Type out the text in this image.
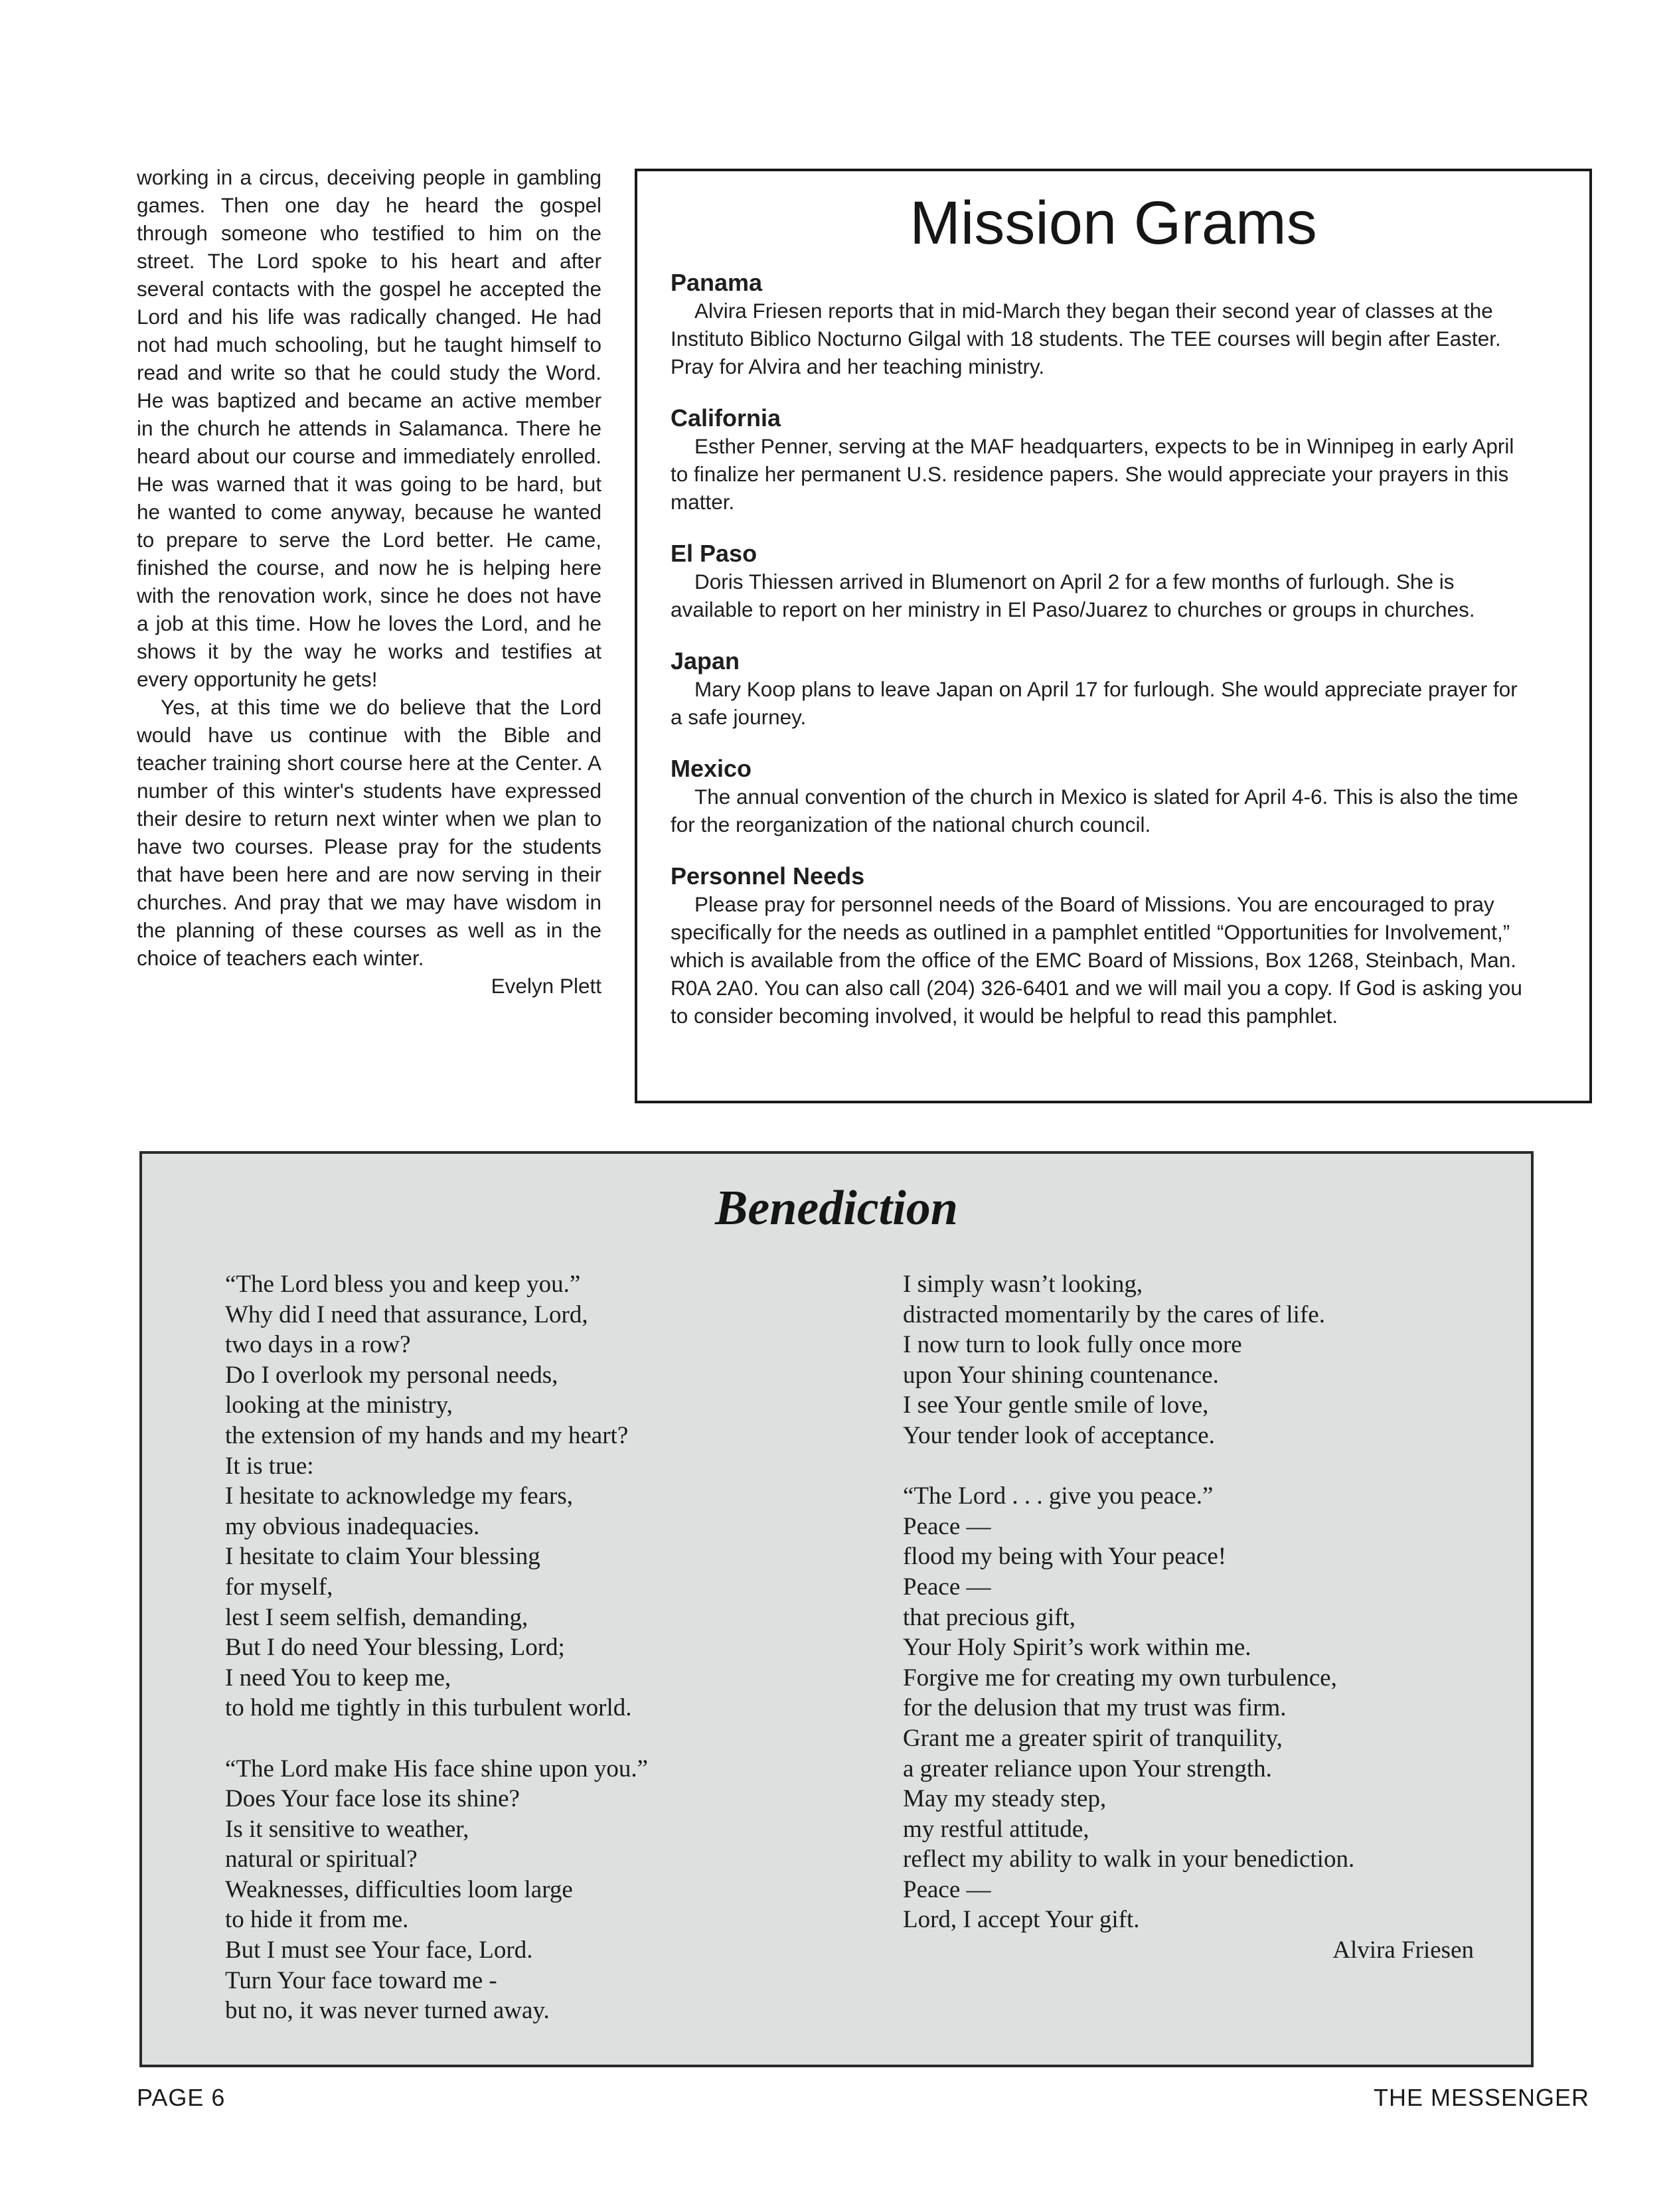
working in a circus, deceiving people in gambling games. Then one day he heard the gospel through someone who testified to him on the street. The Lord spoke to his heart and after several contacts with the gospel he accepted the Lord and his life was radically changed. He had not had much schooling, but he taught himself to read and write so that he could study the Word. He was baptized and became an active member in the church he attends in Salamanca. There he heard about our course and immediately enrolled. He was warned that it was going to be hard, but he wanted to come anyway, because he wanted to prepare to serve the Lord better. He came, finished the course, and now he is helping here with the renovation work, since he does not have a job at this time. How he loves the Lord, and he shows it by the way he works and testifies at every opportunity he gets!

Yes, at this time we do believe that the Lord would have us continue with the Bible and teacher training short course here at the Center. A number of this winter's students have expressed their desire to return next winter when we plan to have two courses. Please pray for the students that have been here and are now serving in their churches. And pray that we may have wisdom in the planning of these courses as well as in the choice of teachers each winter.

Evelyn Plett

Mission Grams

Panama

Alvira Friesen reports that in mid-March they began their second year of classes at the Instituto Biblico Nocturno Gilgal with 18 students. The TEE courses will begin after Easter. Pray for Alvira and her teaching ministry.

California

Esther Penner, serving at the MAF headquarters, expects to be in Winnipeg in early April to finalize her permanent U.S. residence papers. She would appreciate your prayers in this matter.

El Paso

Doris Thiessen arrived in Blumenort on April 2 for a few months of furlough. She is available to report on her ministry in El Paso/Juarez to churches or groups in churches.

Japan

Mary Koop plans to leave Japan on April 17 for furlough. She would appreciate prayer for a safe journey.

Mexico

The annual convention of the church in Mexico is slated for April 4-6. This is also the time for the reorganization of the national church council.

Personnel Needs

Please pray for personnel needs of the Board of Missions. You are encouraged to pray specifically for the needs as outlined in a pamphlet entitled “Opportunities for Involvement,” which is available from the office of the EMC Board of Missions, Box 1268, Steinbach, Man. R0A 2A0. You can also call (204) 326-6401 and we will mail you a copy. If God is asking you to consider becoming involved, it would be helpful to read this pamphlet.

Benediction
“The Lord bless you and keep you.”
Why did I need that assurance, Lord,
two days in a row?
Do I overlook my personal needs,
looking at the ministry,
the extension of my hands and my heart?
It is true:
I hesitate to acknowledge my fears,
my obvious inadequacies.
I hesitate to claim Your blessing
for myself,
lest I seem selfish, demanding,
But I do need Your blessing, Lord;
I need You to keep me,
to hold me tightly in this turbulent world.
“The Lord make His face shine upon you.”
Does Your face lose its shine?
Is it sensitive to weather,
natural or spiritual?
Weaknesses, difficulties loom large
to hide it from me.
But I must see Your face, Lord.
Turn Your face toward me -
but no, it was never turned away.
I simply wasn’t looking,
distracted momentarily by the cares of life.
I now turn to look fully once more
upon Your shining countenance.
I see Your gentle smile of love,
Your tender look of acceptance.
“The Lord . . . give you peace.”
Peace —
flood my being with Your peace!
Peace —
that precious gift,
Your Holy Spirit’s work within me.
Forgive me for creating my own turbulence,
for the delusion that my trust was firm.
Grant me a greater spirit of tranquility,
a greater reliance upon Your strength.
May my steady step,
my restful attitude,
reflect my ability to walk in your benediction.
Peace —
Lord, I accept Your gift.
Alvira Friesen
PAGE 6	THE MESSENGER
